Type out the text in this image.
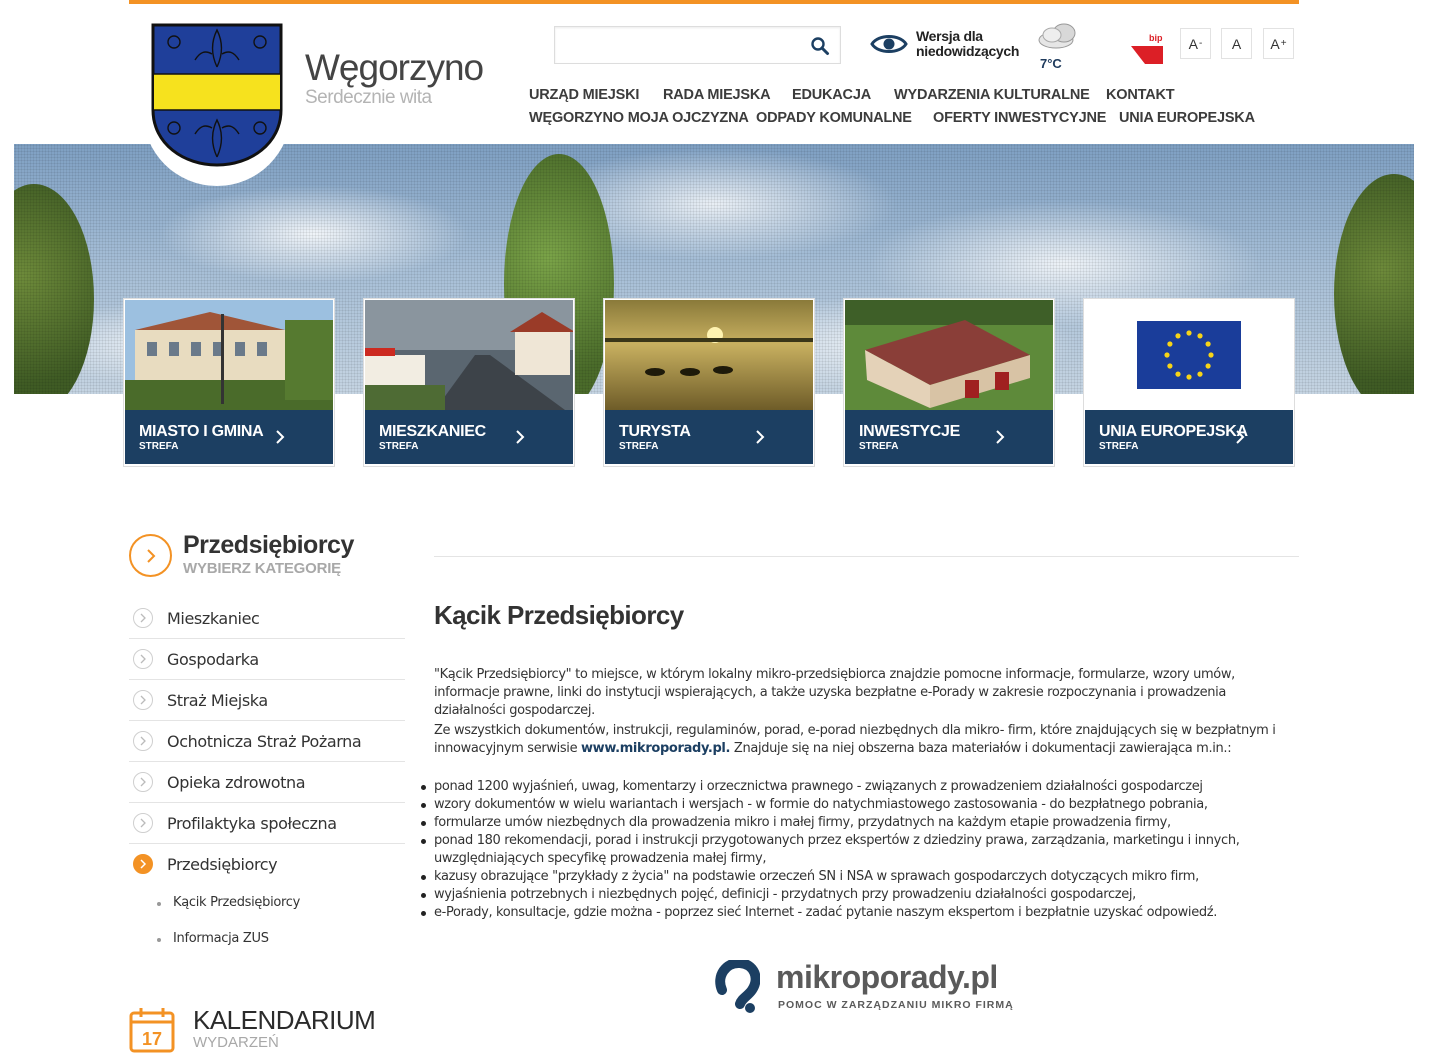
Węgorzyno
Serdecznie wita
Wersja dla niedowidzących
7°C
bip A - A A +
URZĄD MIEJSKI RADA MIEJSKA EDUKACJA WYDARZENIA KULTURALNE KONTAKT
WĘGORZYNO MOJA OJCZYZNA ODPADY KOMUNALNE OFERTY INWESTYCYJNE UNIA EUROPEJSKA
MIASTO I GMINA
STREFA
MIESZKANIEC
STREFA
TURYSTA
STREFA
INWESTYCJE
STREFA
UNIA EUROPEJSKA
STREFA
Przedsiębiorcy
WYBIERZ KATEGORIĘ
Mieszkaniec
Gospodarka
Straż Miejska
Ochotnicza Straż Pożarna
Opieka zdrowotna
Profilaktyka społeczna
Przedsiębiorcy
Kącik Przedsiębiorcy
Informacja ZUS
17
KALENDARIUM
WYDARZEŃ
Kącik Przedsiębiorcy
"Kącik Przedsiębiorcy" to miejsce, w którym lokalny mikro-przedsiębiorca znajdzie pomocne informacje, formularze, wzory umów, informacje prawne, linki do instytucji wspierających, a także uzyska bezpłatne e-Porady w zakresie rozpoczynania i prowadzenia działalności gospodarczej.
Ze wszystkich dokumentów, instrukcji, regulaminów, porad, e-porad niezbędnych dla mikro- firm, które znajdujących się w bezpłatnym i innowacyjnym serwisie www.mikroporady.pl. Znajduje się na niej obszerna baza materiałów i dokumentacji zawierająca m.in.:
ponad 1200 wyjaśnień, uwag, komentarzy i orzecznictwa prawnego - związanych z prowadzeniem działalności gospodarczej
wzory dokumentów w wielu wariantach i wersjach - w formie do natychmiastowego zastosowania - do bezpłatnego pobrania,
formularze umów niezbędnych dla prowadzenia mikro i małej firmy, przydatnych na każdym etapie prowadzenia firmy,
ponad 180 rekomendacji, porad i instrukcji przygotowanych przez ekspertów z dziedziny prawa, zarządzania, marketingu i innych, uwzględniających specyfikę prowadzenia małej firmy,
kazusy obrazujące "przykłady z życia" na podstawie orzeczeń SN i NSA w sprawach gospodarczych dotyczących mikro firm,
wyjaśnienia potrzebnych i niezbędnych pojęć, definicji - przydatnych przy prowadzeniu działalności gospodarczej,
e-Porady, konsultacje, gdzie można - poprzez sieć Internet - zadać pytanie naszym ekspertom i bezpłatnie uzyskać odpowiedź.
mikroporady.pl
POMOC W ZARZĄDZANIU MIKRO FIRMĄ
